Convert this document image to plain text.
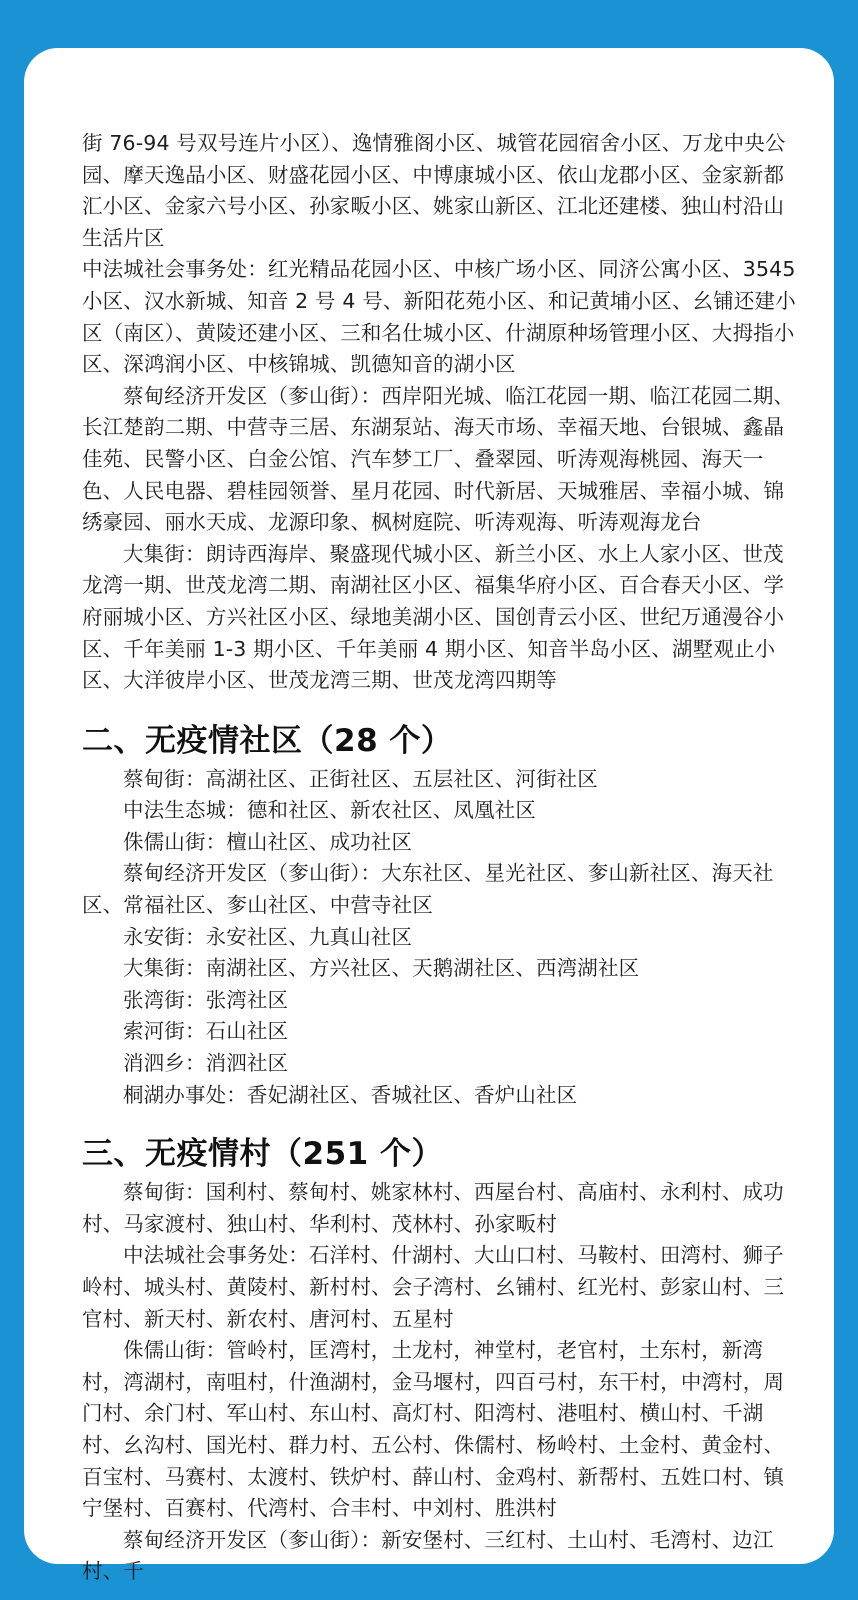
街 76-94 号双号连片小区）、逸情雅阁小区、城管花园宿舍小区、万龙中央公园、摩天逸品小区、财盛花园小区、中博康城小区、依山龙郡小区、金家新都汇小区、金家六号小区、孙家畈小区、姚家山新区、江北还建楼、独山村沿山生活片区

中法城社会事务处：红光精品花园小区、中核广场小区、同济公寓小区、3545小区、汉水新城、知音 2 号 4 号、新阳花苑小区、和记黄埔小区、幺铺还建小区（南区）、黄陵还建小区、三和名仕城小区、什湖原种场管理小区、大拇指小区、深鸿润小区、中核锦城、凯德知音的湖小区

蔡甸经济开发区（奓山街）：西岸阳光城、临江花园一期、临江花园二期、长江楚韵二期、中营寺三居、东湖泵站、海天市场、幸福天地、台银城、鑫晶佳苑、民警小区、白金公馆、汽车梦工厂、叠翠园、听涛观海桃园、海天一色、人民电器、碧桂园领誉、星月花园、时代新居、天城雅居、幸福小城、锦绣豪园、丽水天成、龙源印象、枫树庭院、听涛观海、听涛观海龙台

大集街：朗诗西海岸、聚盛现代城小区、新兰小区、水上人家小区、世茂龙湾一期、世茂龙湾二期、南湖社区小区、福集华府小区、百合春天小区、学府丽城小区、方兴社区小区、绿地美湖小区、国创青云小区、世纪万通漫谷小区、千年美丽 1-3 期小区、千年美丽 4 期小区、知音半岛小区、湖墅观止小区、大洋彼岸小区、世茂龙湾三期、世茂龙湾四期等

二、无疫情社区（28 个）

蔡甸街：高湖社区、正街社区、五层社区、河街社区

中法生态城：德和社区、新农社区、凤凰社区

侏儒山街：檀山社区、成功社区

蔡甸经济开发区（奓山街）：大东社区、星光社区、奓山新社区、海天社区、常福社区、奓山社区、中营寺社区

永安街：永安社区、九真山社区

大集街：南湖社区、方兴社区、天鹅湖社区、西湾湖社区

张湾街：张湾社区

索河街：石山社区

消泗乡：消泗社区

桐湖办事处：香妃湖社区、香城社区、香炉山社区

三、无疫情村（251 个）

蔡甸街：国利村、蔡甸村、姚家林村、西屋台村、高庙村、永利村、成功村、马家渡村、独山村、华利村、茂林村、孙家畈村

中法城社会事务处：石洋村、什湖村、大山口村、马鞍村、田湾村、狮子岭村、城头村、黄陵村、新村村、会子湾村、幺铺村、红光村、彭家山村、三官村、新天村、新农村、唐河村、五星村

侏儒山街：管岭村，匡湾村，土龙村，神堂村，老官村，土东村，新湾村，湾湖村，南咀村，什渔湖村，金马堰村，四百弓村，东干村，中湾村，周门村、余门村、军山村、东山村、高灯村、阳湾村、港咀村、横山村、千湖村、幺沟村、国光村、群力村、五公村、侏儒村、杨岭村、土金村、黄金村、百宝村、马赛村、太渡村、铁炉村、薛山村、金鸡村、新帮村、五姓口村、镇宁堡村、百赛村、代湾村、合丰村、中刘村、胜洪村

蔡甸经济开发区（奓山街）：新安堡村、三红村、土山村、毛湾村、边江村、千
